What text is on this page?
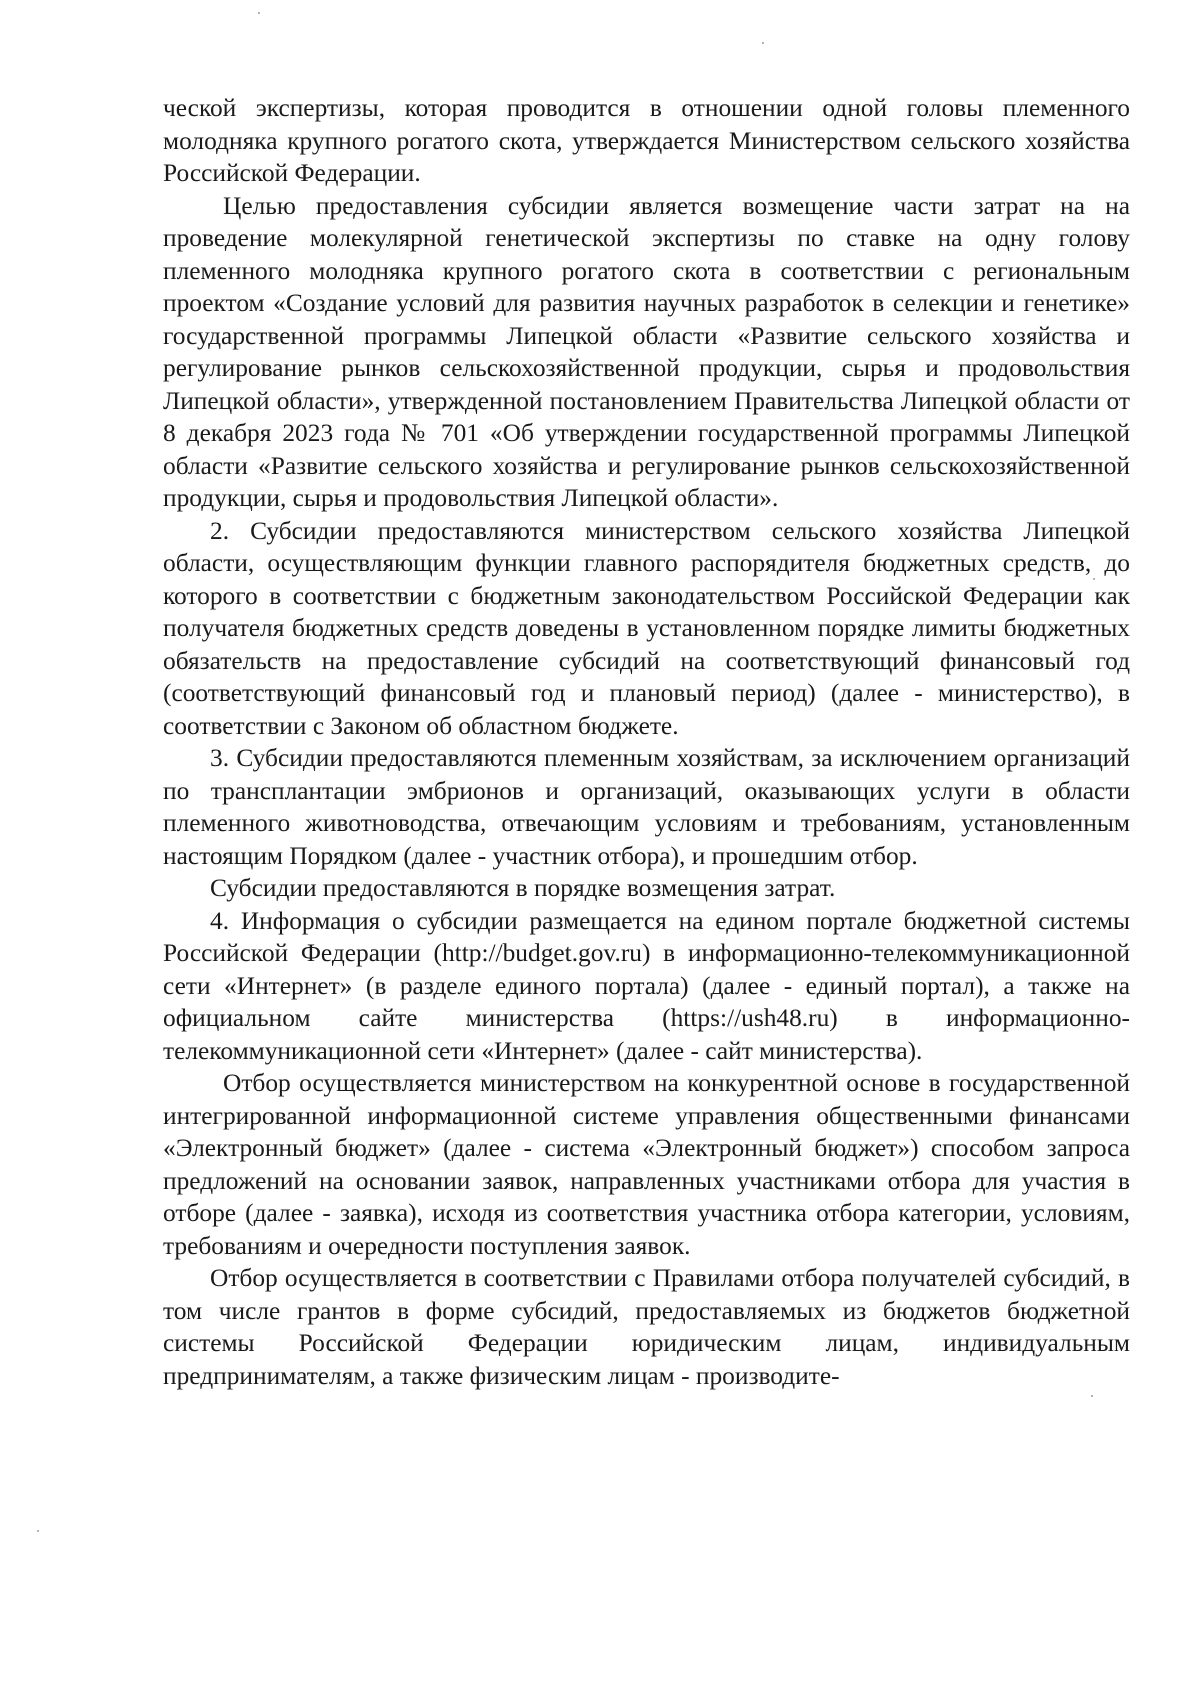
ческой экспертизы, которая проводится в отношении одной головы племенного молодняка крупного рогатого скота, утверждается Министерством сельского хозяйства Российской Федерации.

Целью предоставления субсидии является возмещение части затрат на на проведение молекулярной генетической экспертизы по ставке на одну голову племенного молодняка крупного рогатого скота в соответствии с региональным проектом «Создание условий для развития научных разработок в селекции и генетике» государственной программы Липецкой области «Развитие сельского хозяйства и регулирование рынков сельскохозяйственной продукции, сырья и продовольствия Липецкой области», утвержденной постановлением Правительства Липецкой области от 8 декабря 2023 года № 701 «Об утверждении государственной программы Липецкой области «Развитие сельского хозяйства и регулирование рынков сельскохозяйственной продукции, сырья и продовольствия Липецкой области».

2. Субсидии предоставляются министерством сельского хозяйства Липецкой области, осуществляющим функции главного распорядителя бюджетных средств, до которого в соответствии с бюджетным законодательством Российской Федерации как получателя бюджетных средств доведены в установленном порядке лимиты бюджетных обязательств на предоставление субсидий на соответствующий финансовый год (соответствующий финансовый год и плановый период) (далее - министерство), в соответствии с Законом об областном бюджете.

3. Субсидии предоставляются племенным хозяйствам, за исключением организаций по трансплантации эмбрионов и организаций, оказывающих услуги в области племенного животноводства, отвечающим условиям и требованиям, установленным настоящим Порядком (далее - участник отбора), и прошедшим отбор.

Субсидии предоставляются в порядке возмещения затрат.

4. Информация о субсидии размещается на едином портале бюджетной системы Российской Федерации (http://budget.gov.ru) в информационно-телекоммуникационной сети «Интернет» (в разделе единого портала) (далее - единый портал), а также на официальном сайте министерства (https://ush48.ru) в информационно-телекоммуникационной сети «Интернет» (далее - сайт министерства).

Отбор осуществляется министерством на конкурентной основе в государственной интегрированной информационной системе управления общественными финансами «Электронный бюджет» (далее - система «Электронный бюджет») способом запроса предложений на основании заявок, направленных участниками отбора для участия в отборе (далее - заявка), исходя из соответствия участника отбора категории, условиям, требованиям и очередности поступления заявок.

Отбор осуществляется в соответствии с Правилами отбора получателей субсидий, в том числе грантов в форме субсидий, предоставляемых из бюджетов бюджетной системы Российской Федерации юридическим лицам, индивидуальным предпринимателям, а также физическим лицам - производите-
